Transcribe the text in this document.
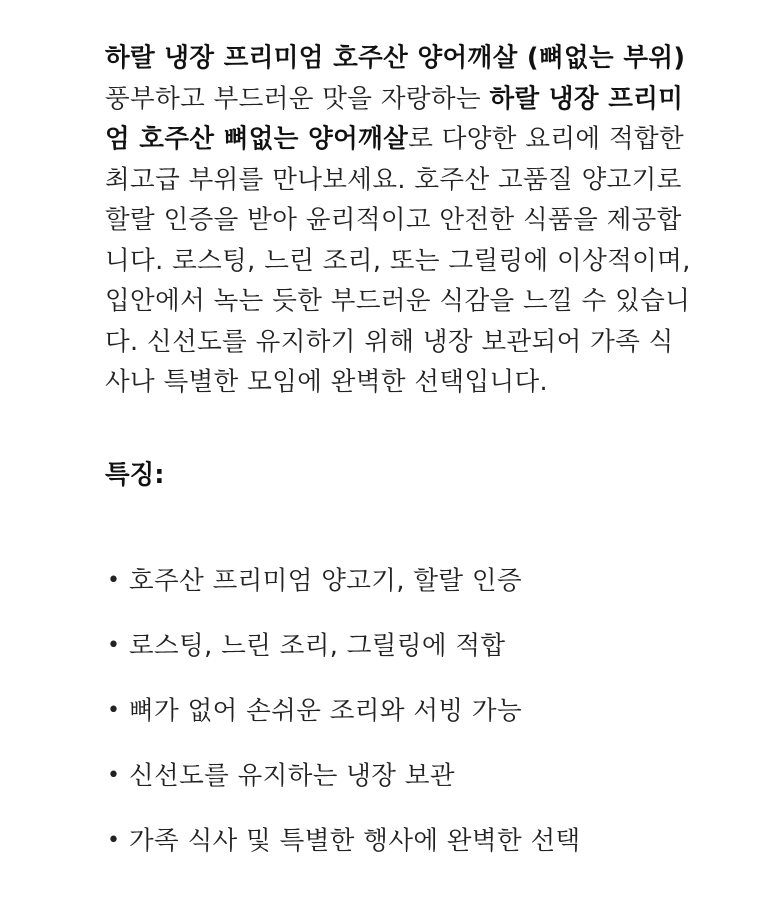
하랄 냉장 프리미엄 호주산 양어깨살 (뼈없는 부위)
풍부하고 부드러운 맛을 자랑하는 하랄 냉장 프리미
엄 호주산 뼈없는 양어깨살로 다양한 요리에 적합한
최고급 부위를 만나보세요. 호주산 고품질 양고기로
할랄 인증을 받아 윤리적이고 안전한 식품을 제공합
니다. 로스팅, 느린 조리, 또는 그릴링에 이상적이며,
입안에서 녹는 듯한 부드러운 식감을 느낄 수 있습니
다. 신선도를 유지하기 위해 냉장 보관되어 가족 식
사나 특별한 모임에 완벽한 선택입니다.

특징:
• 호주산 프리미엄 양고기, 할랄 인증
• 로스팅, 느린 조리, 그릴링에 적합
• 뼈가 없어 손쉬운 조리와 서빙 가능
• 신선도를 유지하는 냉장 보관
• 가족 식사 및 특별한 행사에 완벽한 선택
